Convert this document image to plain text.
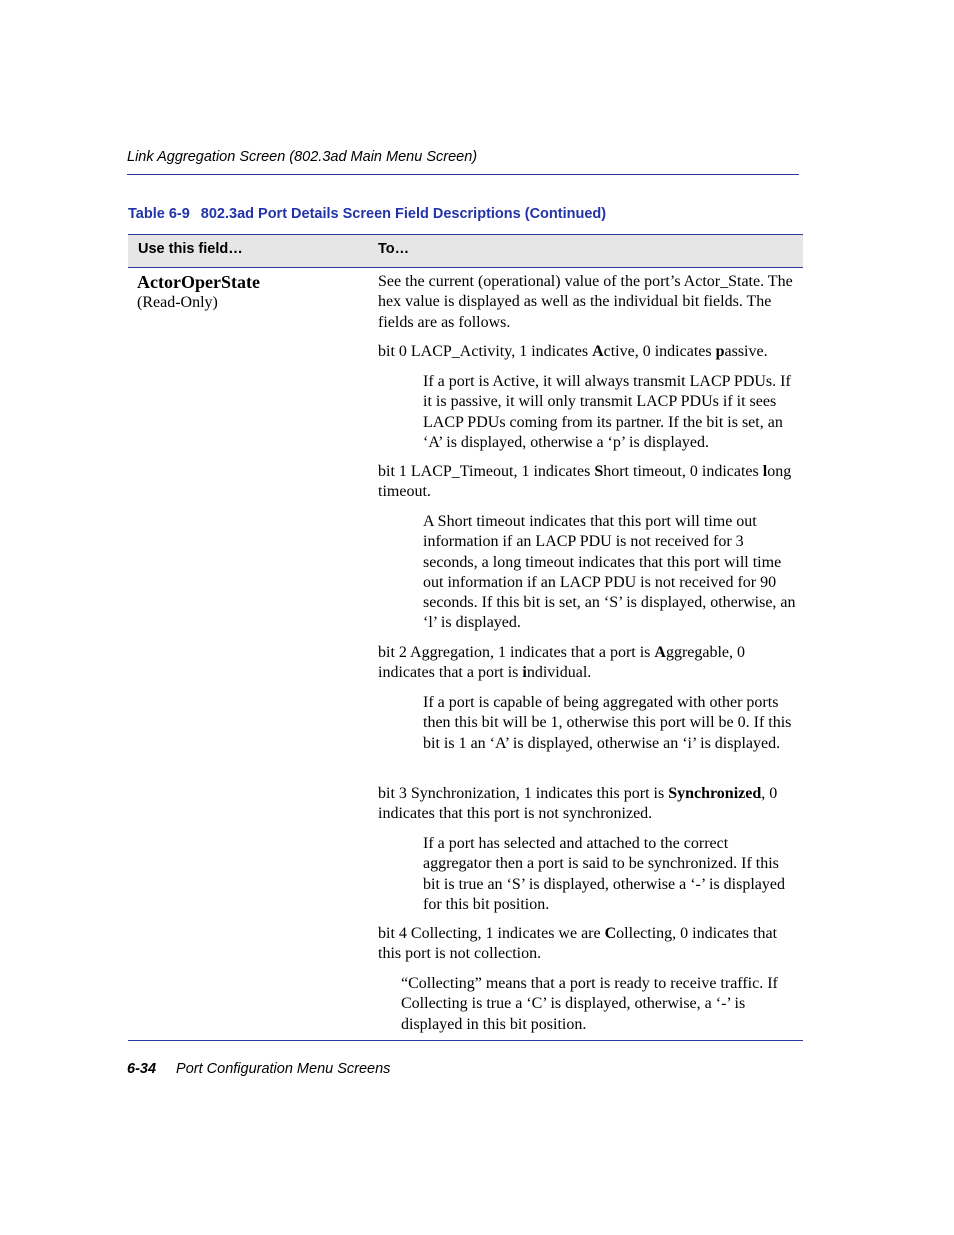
Link Aggregation Screen (802.3ad Main Menu Screen)
Table 6-9 802.3ad Port Details Screen Field Descriptions (Continued)
Use this field…	To…
ActorOperState
(Read-Only)
See the current (operational) value of the port’s Actor_State. The hex value is displayed as well as the individual bit fields. The fields are as follows.
bit 0 LACP_Activity, 1 indicates Active, 0 indicates passive.
If a port is Active, it will always transmit LACP PDUs. If it is passive, it will only transmit LACP PDUs if it sees LACP PDUs coming from its partner. If the bit is set, an ‘A’ is displayed, otherwise a ‘p’ is displayed.
bit 1 LACP_Timeout, 1 indicates Short timeout, 0 indicates long timeout.
A Short timeout indicates that this port will time out information if an LACP PDU is not received for 3 seconds, a long timeout indicates that this port will time out information if an LACP PDU is not received for 90 seconds. If this bit is set, an ‘S’ is displayed, otherwise, an ‘l’ is displayed.
bit 2 Aggregation, 1 indicates that a port is Aggregable, 0 indicates that a port is individual.
If a port is capable of being aggregated with other ports then this bit will be 1, otherwise this port will be 0. If this bit is 1 an ‘A’ is displayed, otherwise an ‘i’ is displayed.
bit 3 Synchronization, 1 indicates this port is Synchronized, 0 indicates that this port is not synchronized.
If a port has selected and attached to the correct aggregator then a port is said to be synchronized. If this bit is true an ‘S’ is displayed, otherwise a ‘-’ is displayed for this bit position.
bit 4 Collecting, 1 indicates we are Collecting, 0 indicates that this port is not collection.
“Collecting” means that a port is ready to receive traffic. If Collecting is true a ‘C’ is displayed, otherwise, a ‘-’ is displayed in this bit position.
6-34 Port Configuration Menu Screens
